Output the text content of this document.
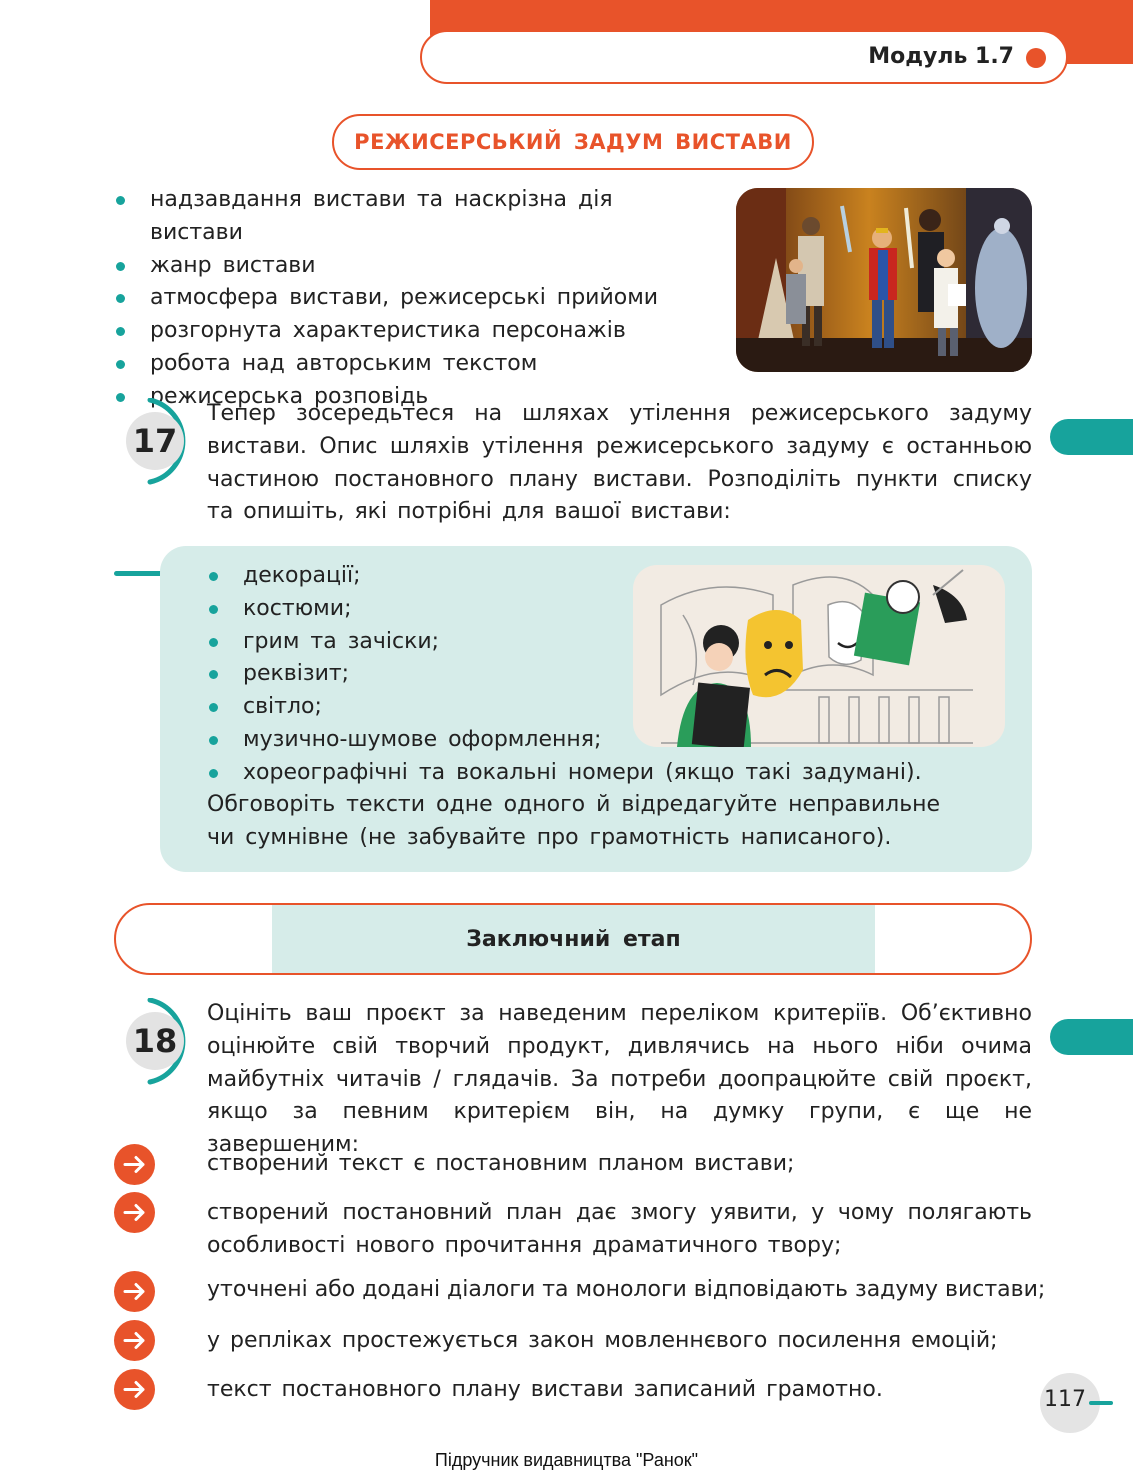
Модуль 1.7
РЕЖИСЕРСЬКИЙ ЗАДУМ ВИСТАВИ
надзавдання вистави та наскрізна дія вистави
жанр вистави
атмосфера вистави, режисерські прийоми
розгорнута характеристика персонажів
робота над авторським текстом
режисерська розповідь
17

Тепер зосередьтеся на шляхах утілення режисерського задуму вистави. Опис шляхів утілення режисерського задуму є останньою частиною постановного плану вистави. Розподіліть пункти списку та опишіть, які потрібні для вашої вистави:

декорації;
костюми;
грим та зачіски;
реквізит;
світло;
музично-шумове оформлення;
хореографічні та вокальні номери (якщо такі задумані).

Обговоріть тексти одне одного й відредагуйте неправильне чи сумнівне (не забувайте про грамотність написаного).

Заключний етап
18

Оцініть ваш проєкт за наведеним переліком критеріїв. Об’єктивно оцінюйте свій творчий продукт, дивлячись на нього ніби очима майбутніх читачів / глядачів. За потреби доопрацюйте свій проєкт, якщо за певним критерієм він, на думку групи, є ще не завершеним:

створений текст є постановним планом вистави;

створений постановний план дає змогу уявити, у чому полягають особливості нового прочитання драматичного твору;

уточнені або додані діалоги та монологи відповідають задуму вистави;

у репліках простежується закон мовленнєвого посилення емоцій;

текст постановного плану вистави записаний грамотно.	117
Підручник видавництва "Ранок"
